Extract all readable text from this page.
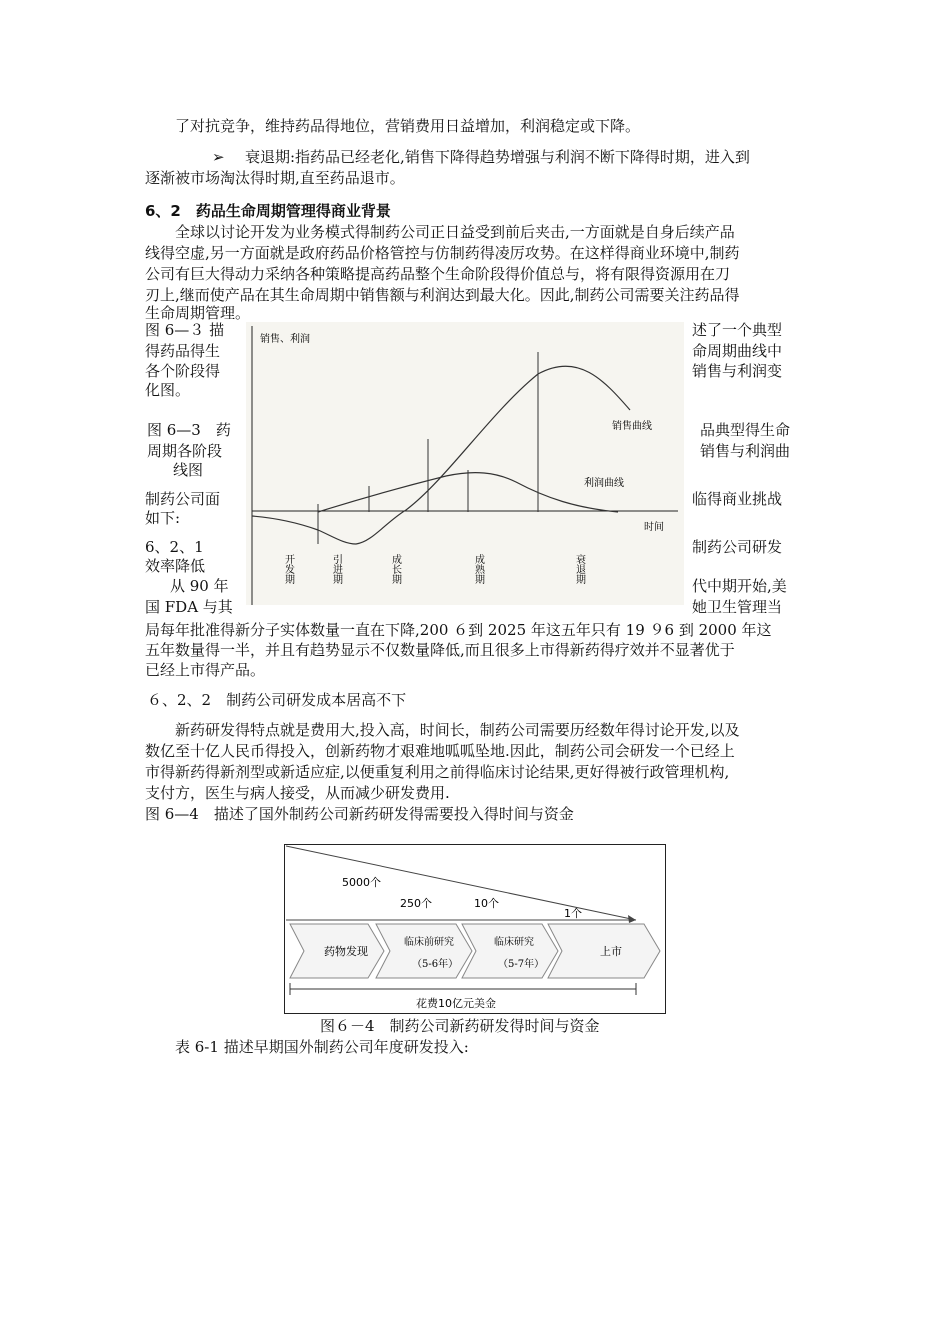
了对抗竞争，维持药品得地位，营销费用日益增加，利润稳定或下降。

➢ 衰退期:指药品已经老化,销售下降得趋势增强与利润不断下降得时期，进入到

逐渐被市场淘汰得时期,直至药品退市。

6、2　药品生命周期管理得商业背景

全球以讨论开发为业务模式得制药公司正日益受到前后夹击,一方面就是自身后续产品

线得空虚,另一方面就是政府药品价格管控与仿制药得凌厉攻势。在这样得商业环境中,制药

公司有巨大得动力采纳各种策略提高药品整个生命阶段得价值总与，将有限得资源用在刀

刃上,继而使产品在其生命周期中销售额与利润达到最大化。因此,制药公司需要关注药品得

生命周期管理。

图 6—３ 描

得药品得生

各个阶段得

化图。

图 6—3　药

周期各阶段

线图

制药公司面

如下:

6、2、1

效率降低

从 90 年

国 FDA 与其

述了一个典型

命周期曲线中

销售与利润变

品典型得生命

销售与利润曲

临得商业挑战

制药公司研发

代中期开始,美

她卫生管理当

销售、利润
时间
销售曲线
利润曲线
开发期	引进期	成长期	成熟期	衰退期

局每年批准得新分子实体数量一直在下降,200 ６到 2025 年这五年只有 19 ９6 到 2000 年这

五年数量得一半，并且有趋势显示不仅数量降低,而且很多上市得新药得疗效并不显著优于

已经上市得产品。

６、2、2　制药公司研发成本居高不下

新药研发得特点就是费用大,投入高，时间长，制药公司需要历经数年得讨论开发,以及

数亿至十亿人民币得投入，创新药物才艰难地呱呱坠地.因此，制药公司会研发一个已经上

市得新药得新剂型或新适应症,以便重复利用之前得临床讨论结果,更好得被行政管理机构,

支付方，医生与病人接受，从而减少研发费用.

图 6—4　描述了国外制药公司新药研发得需要投入得时间与资金

5000个
250个	10个
1个
药物发现
临床前研究
（5-6年）
临床研究
（5-7年）
上市
花费10亿元美金

图６－4　制药公司新药研发得时间与资金

表 6-1 描述早期国外制药公司年度研发投入:
